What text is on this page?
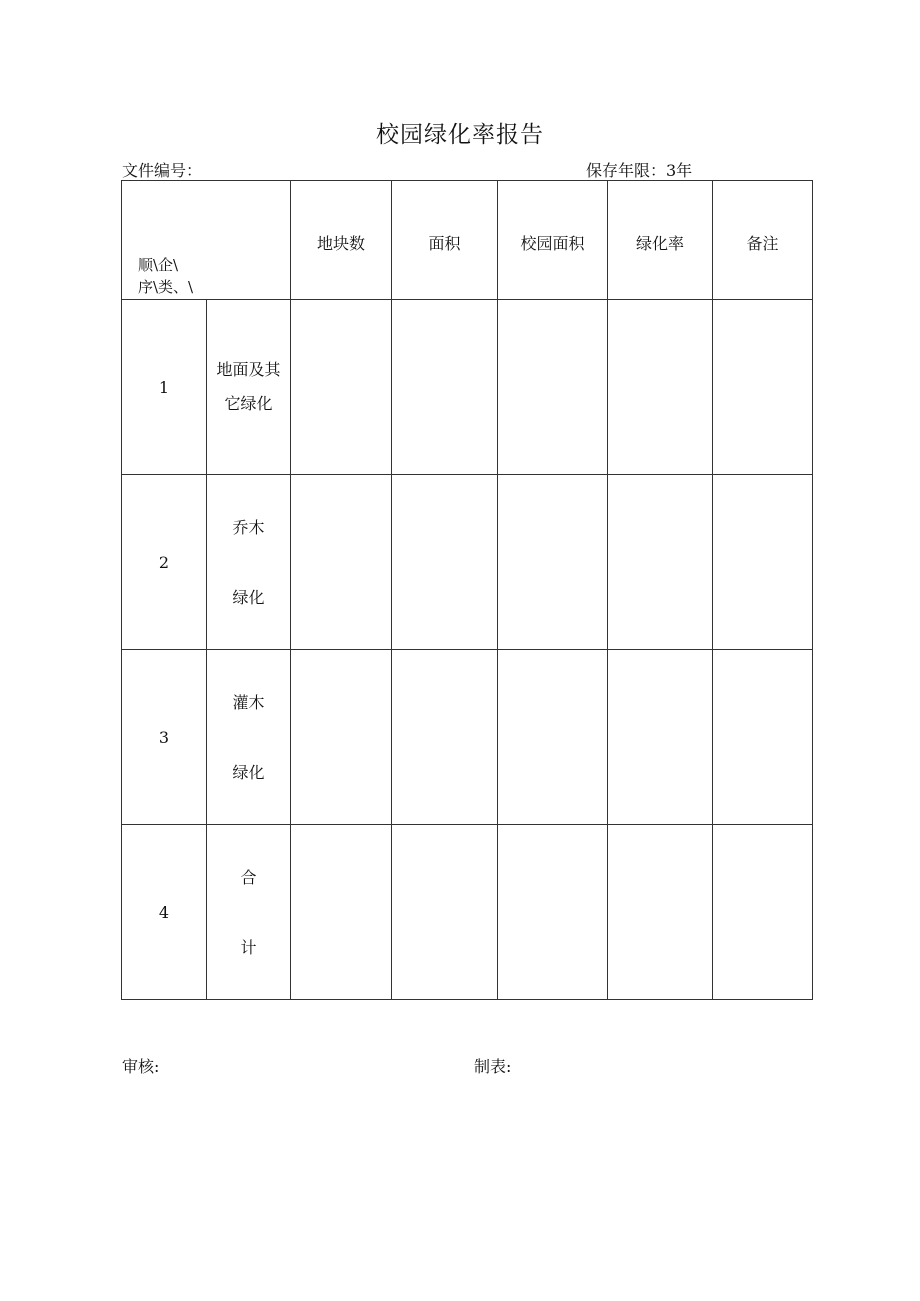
校园绿化率报告
文件编号：	保存年限：3年
顺\企\
序\类、\		地块数	面积	校园面积	绿化率	备注

1	地面及其
它绿化					

2	乔木
绿化					

3	灌木
绿化					

4	合
计					

审核:	制表:
